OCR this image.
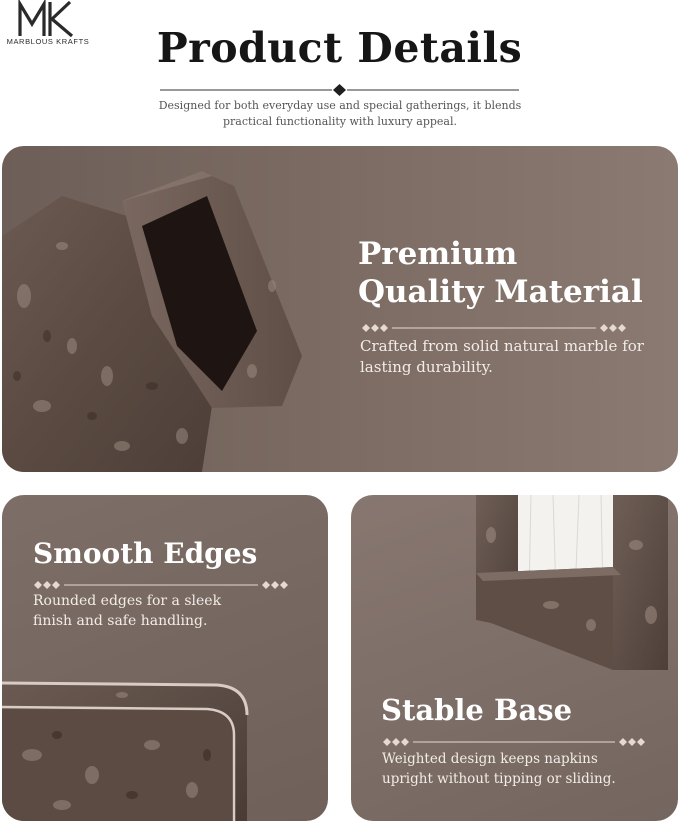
MARBLOUS KRAFTS	Product Details

Designed for both everyday use and special gatherings, it blends practical functionality with luxury appeal.

Premium
Quality Material

Crafted from solid natural marble for lasting durability.

Smooth Edges

Rounded edges for a sleek finish and safe handling.

Stable Base

Weighted design keeps napkins upright without tipping or sliding.
